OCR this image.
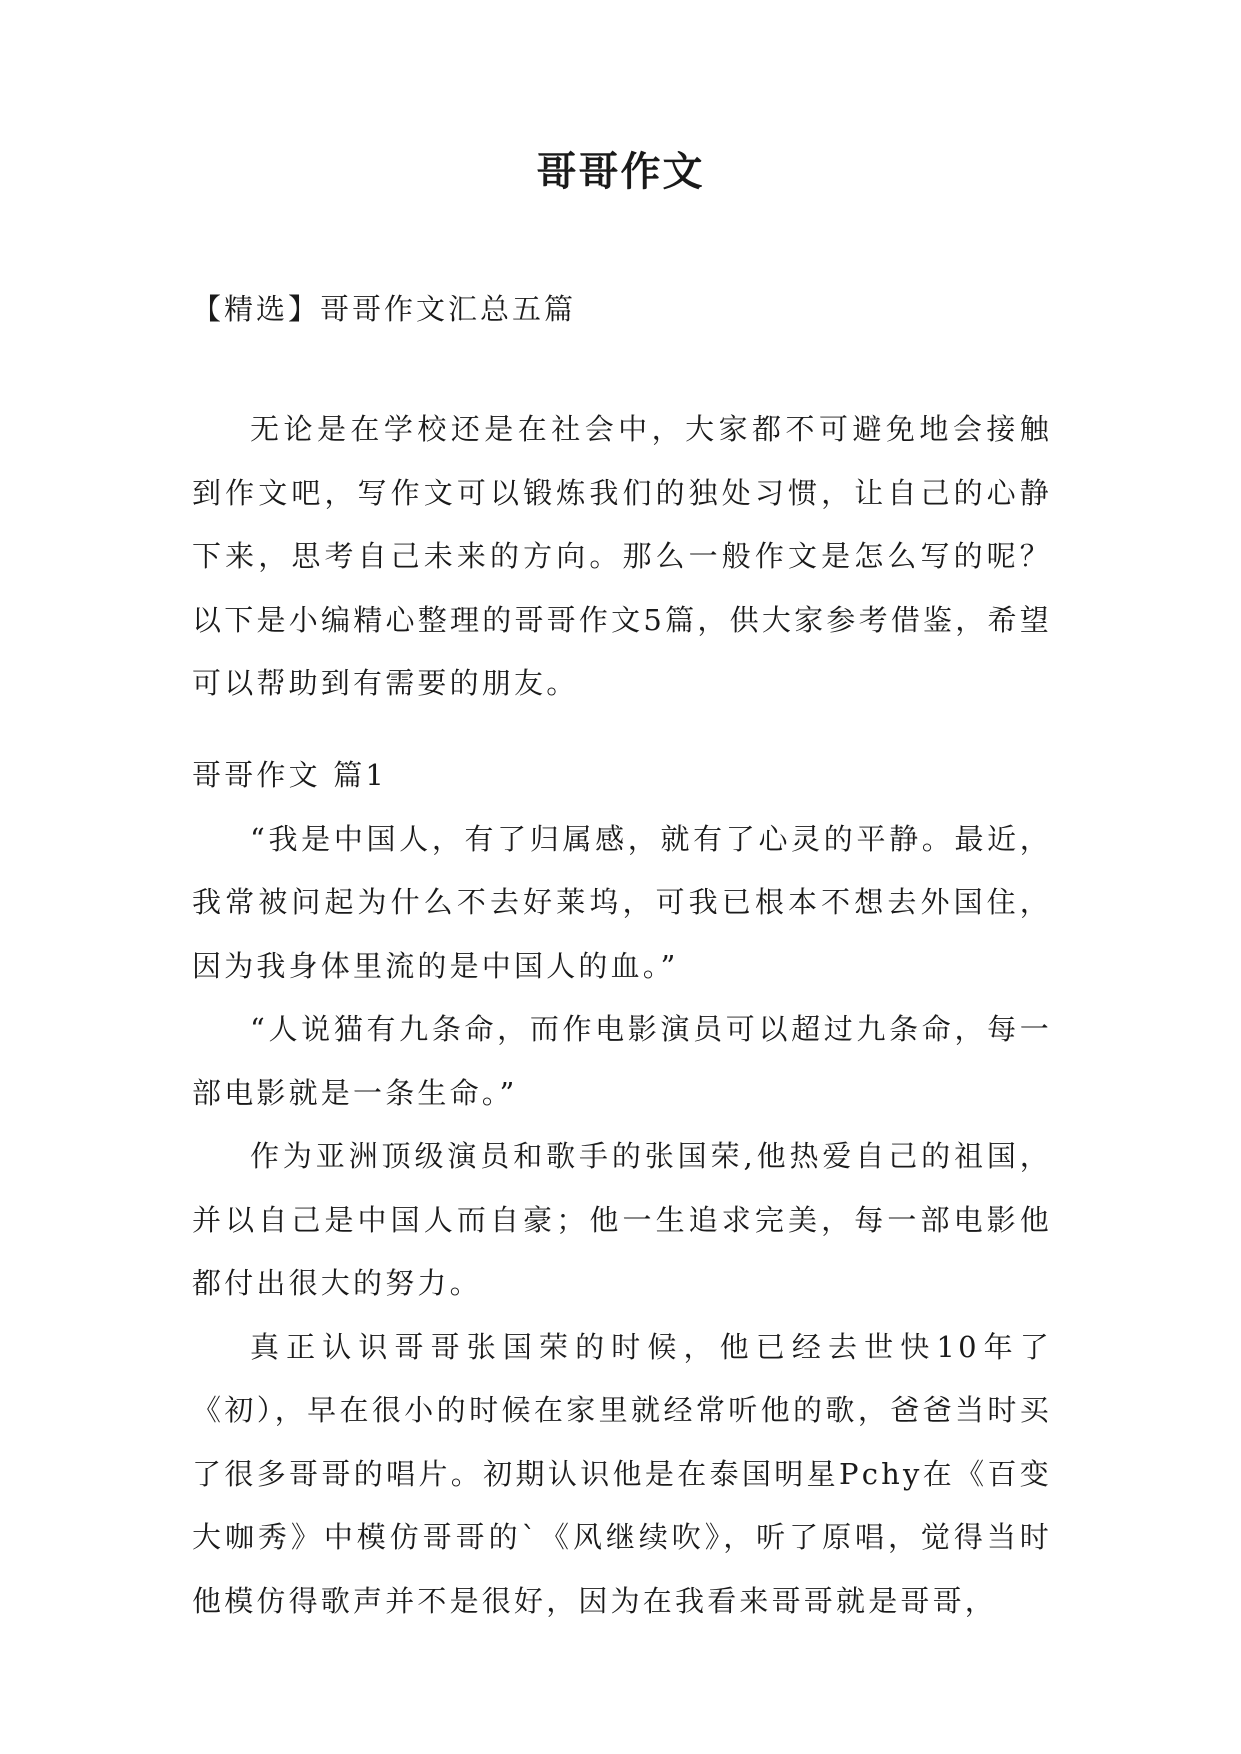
哥哥作文
【精选】哥哥作文汇总五篇

无论是在学校还是在社会中，大家都不可避免地会接触到作文吧，写作文可以锻炼我们的独处习惯，让自己的心静下来，思考自己未来的方向。那么一般作文是怎么写的呢？以下是小编精心整理的哥哥作文5篇，供大家参考借鉴，希望可以帮助到有需要的朋友。

哥哥作文 篇1

“我是中国人，有了归属感，就有了心灵的平静。最近，我常被问起为什么不去好莱坞，可我已根本不想去外国住，因为我身体里流的是中国人的血。”

“人说猫有九条命，而作电影演员可以超过九条命，每一部电影就是一条生命。”

作为亚洲顶级演员和歌手的张国荣,他热爱自己的祖国，并以自己是中国人而自豪；他一生追求完美，每一部电影他都付出很大的努力。

真正认识哥哥张国荣的时候，他已经去世快10年了《初），早在很小的时候在家里就经常听他的歌，爸爸当时买了很多哥哥的唱片。初期认识他是在泰国明星Pchy在《百变大咖秀》中模仿哥哥的`《风继续吹》，听了原唱，觉得当时他模仿得歌声并不是很好，因为在我看来哥哥就是哥哥，
